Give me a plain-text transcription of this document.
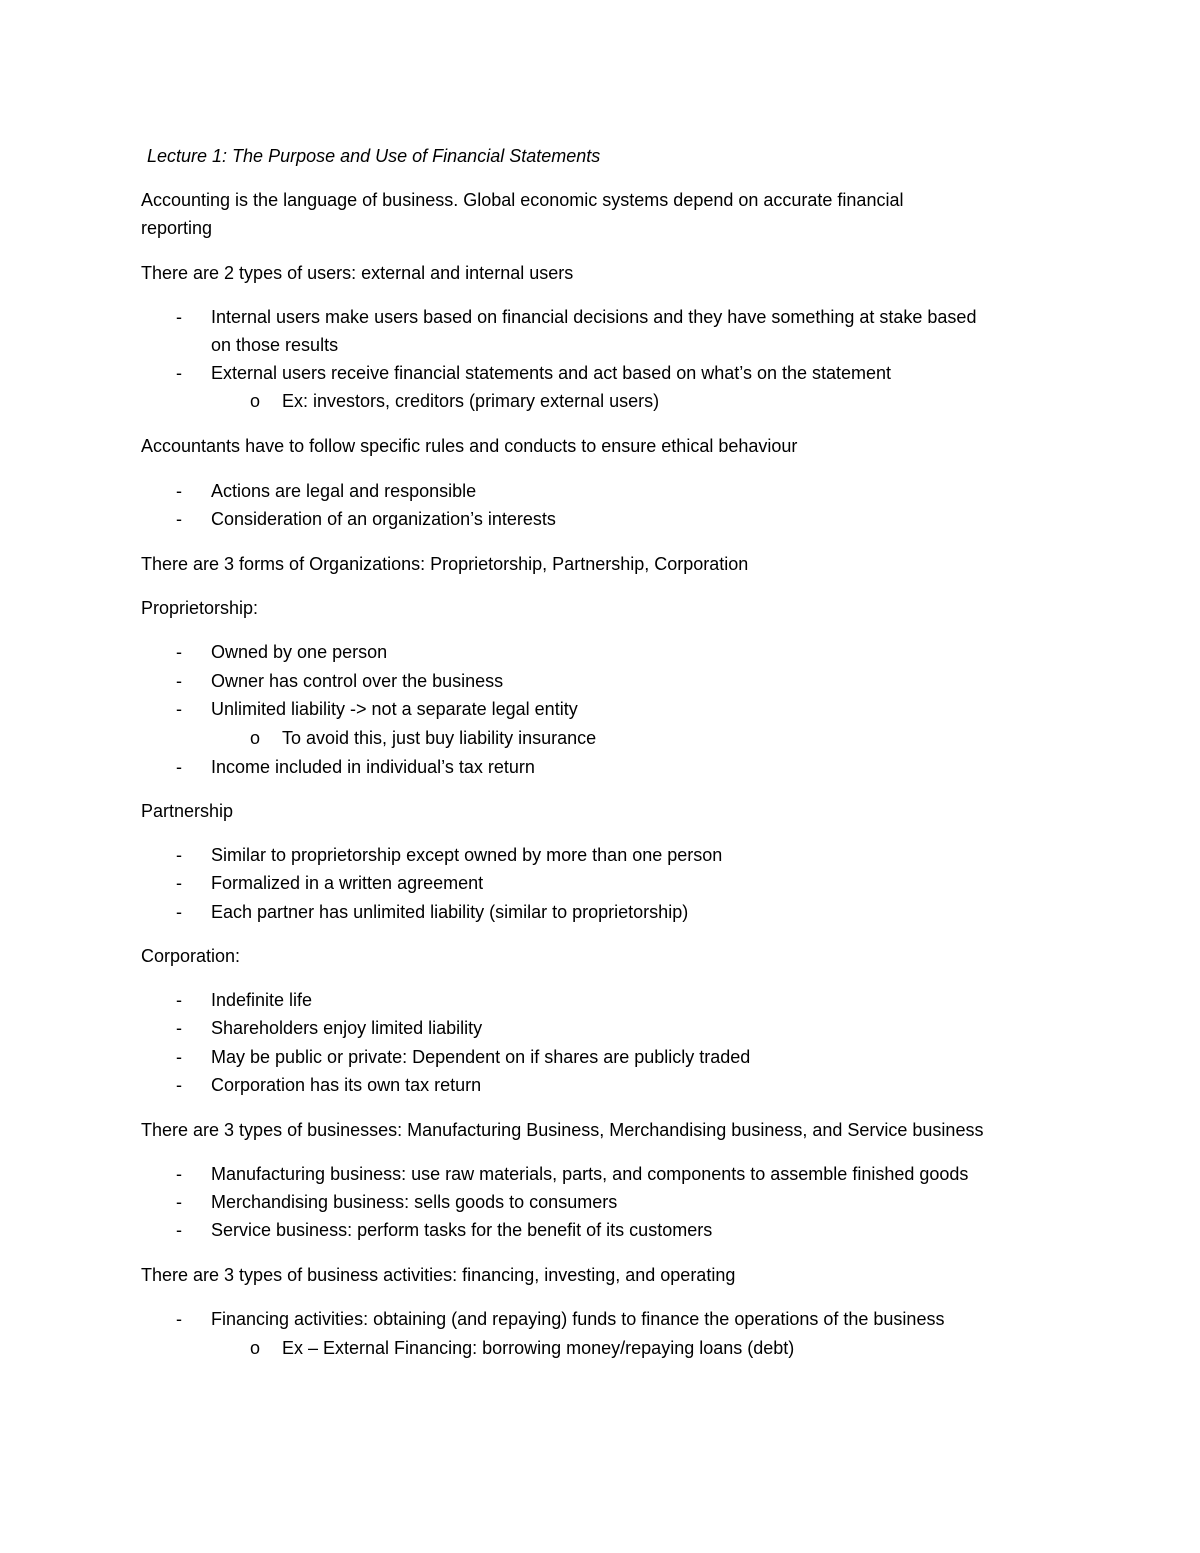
Lecture 1: The Purpose and Use of Financial Statements
Accounting is the language of business. Global economic systems depend on accurate financial
reporting
There are 2 types of users: external and internal users
- Internal users make users based on financial decisions and they have something at stake based
on those results
- External users receive financial statements and act based on what’s on the statement
o Ex: investors, creditors (primary external users)
Accountants have to follow specific rules and conducts to ensure ethical behaviour
- Actions are legal and responsible
- Consideration of an organization’s interests
There are 3 forms of Organizations: Proprietorship, Partnership, Corporation
Proprietorship:
- Owned by one person
- Owner has control over the business
- Unlimited liability -> not a separate legal entity
o To avoid this, just buy liability insurance
- Income included in individual’s tax return
Partnership
- Similar to proprietorship except owned by more than one person
- Formalized in a written agreement
- Each partner has unlimited liability (similar to proprietorship)
Corporation:
- Indefinite life
- Shareholders enjoy limited liability
- May be public or private: Dependent on if shares are publicly traded
- Corporation has its own tax return
There are 3 types of businesses: Manufacturing Business, Merchandising business, and Service business
- Manufacturing business: use raw materials, parts, and components to assemble finished goods
- Merchandising business: sells goods to consumers
- Service business: perform tasks for the benefit of its customers
There are 3 types of business activities: financing, investing, and operating
- Financing activities: obtaining (and repaying) funds to finance the operations of the business
o Ex – External Financing: borrowing money/repaying loans (debt)
